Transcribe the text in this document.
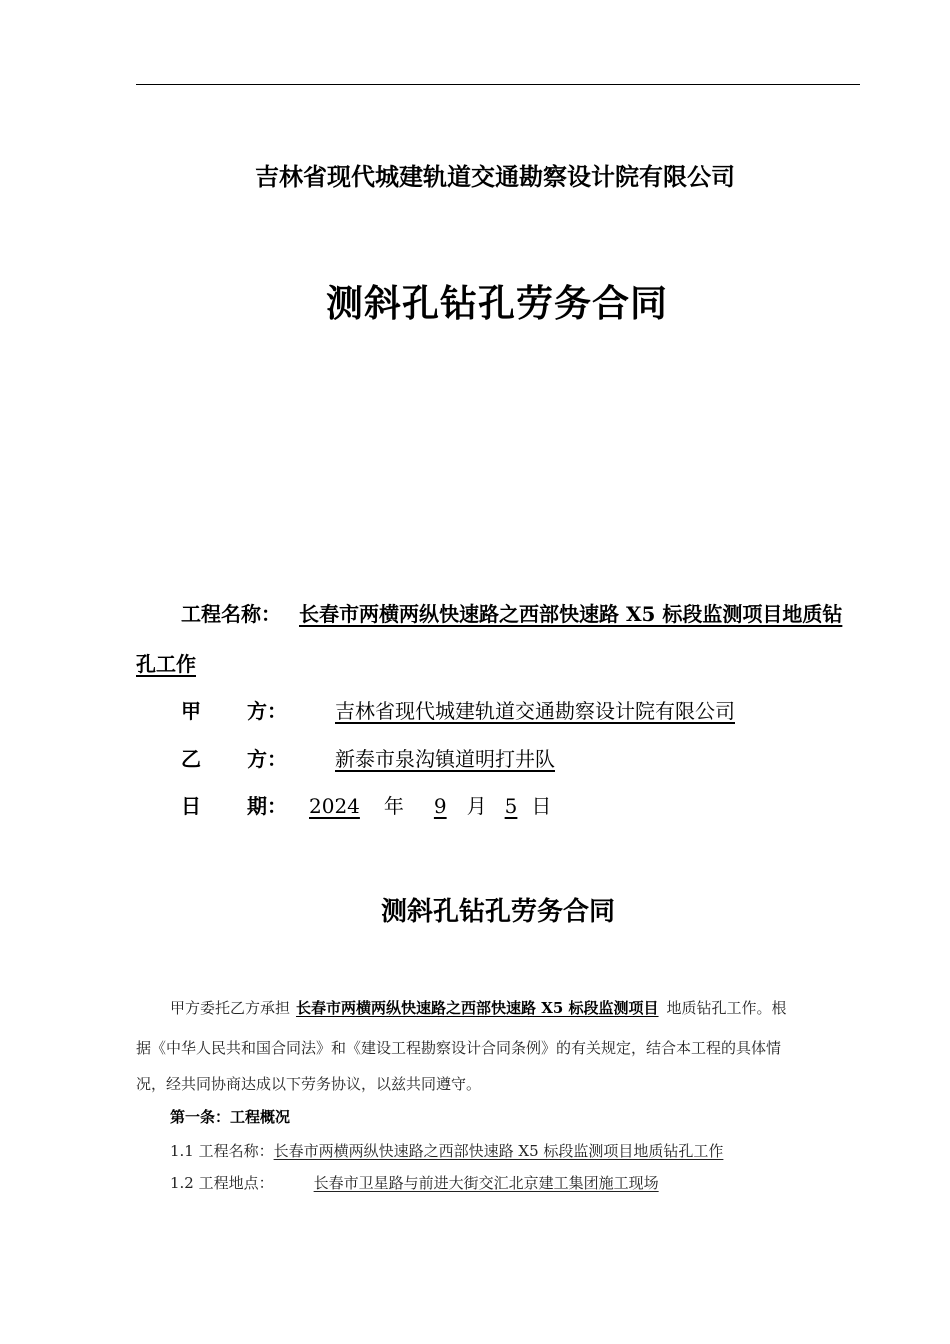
吉林省现代城建轨道交通勘察设计院有限公司
测斜孔钻孔劳务合同
工程名称： 长春市两横两纵快速路之西部快速路 X5 标段监测项目地质钻
孔工作
甲 方： 吉林省现代城建轨道交通勘察设计院有限公司
乙 方： 新泰市泉沟镇道明打井队
日 期： 2024 年 9 月 5 日
测斜孔钻孔劳务合同
甲方委托乙方承担 长春市两横两纵快速路之西部快速路 X5 标段监测项目 地质钻孔工作。根
据《中华人民共和国合同法》和《建设工程勘察设计合同条例》的有关规定，结合本工程的具体情
况，经共同协商达成以下劳务协议，以兹共同遵守。
第一条：工程概况
1.1 工程名称：长春市两横两纵快速路之西部快速路 X5 标段监测项目地质钻孔工作
1.2 工程地点：	长春市卫星路与前进大街交汇北京建工集团施工现场
